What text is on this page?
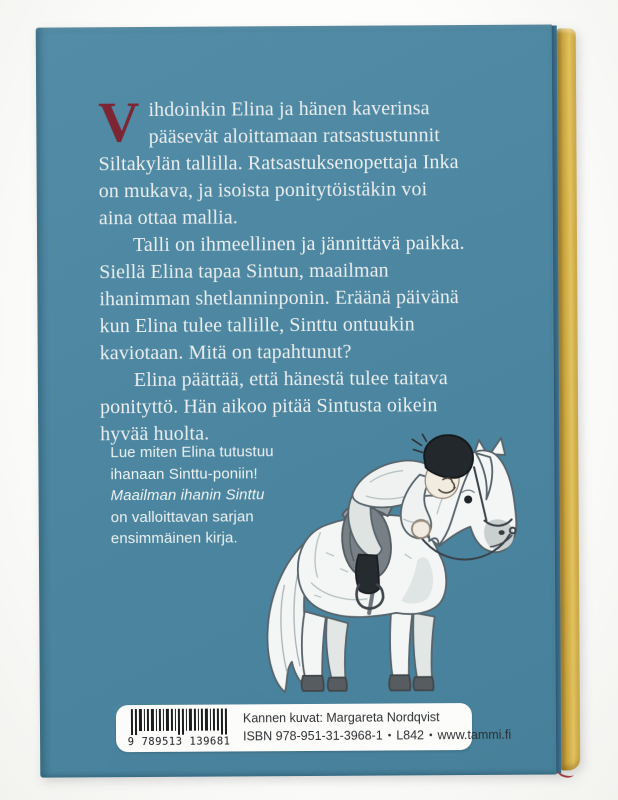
Vihdoinkin Elina ja hänen kaverinsa
pääsevät aloittamaan ratsastustunnit
Siltakylän tallilla. Ratsastuksenopettaja Inka
on mukava, ja isoista ponitytöistäkin voi
aina ottaa mallia.

Talli on ihmeellinen ja jännittävä paikka.
Siellä Elina tapaa Sintun, maailman
ihanimman shetlanninponin. Eräänä päivänä
kun Elina tulee tallille, Sinttu ontuukin
kaviotaan. Mitä on tapahtunut?

Elina päättää, että hänestä tulee taitava
ponityttö. Hän aikoo pitää Sintusta oikein
hyvää huolta.

Lue miten Elina tutustuu
ihanaan Sinttu-poniin!
Maailman ihanin Sinttu
on valloittavan sarjan
ensimmäinen kirja.
9 789513 139681
Kannen kuvat: Margareta Nordqvist
ISBN 978-951-31-3968-1 • L842 • www.tammi.fi
